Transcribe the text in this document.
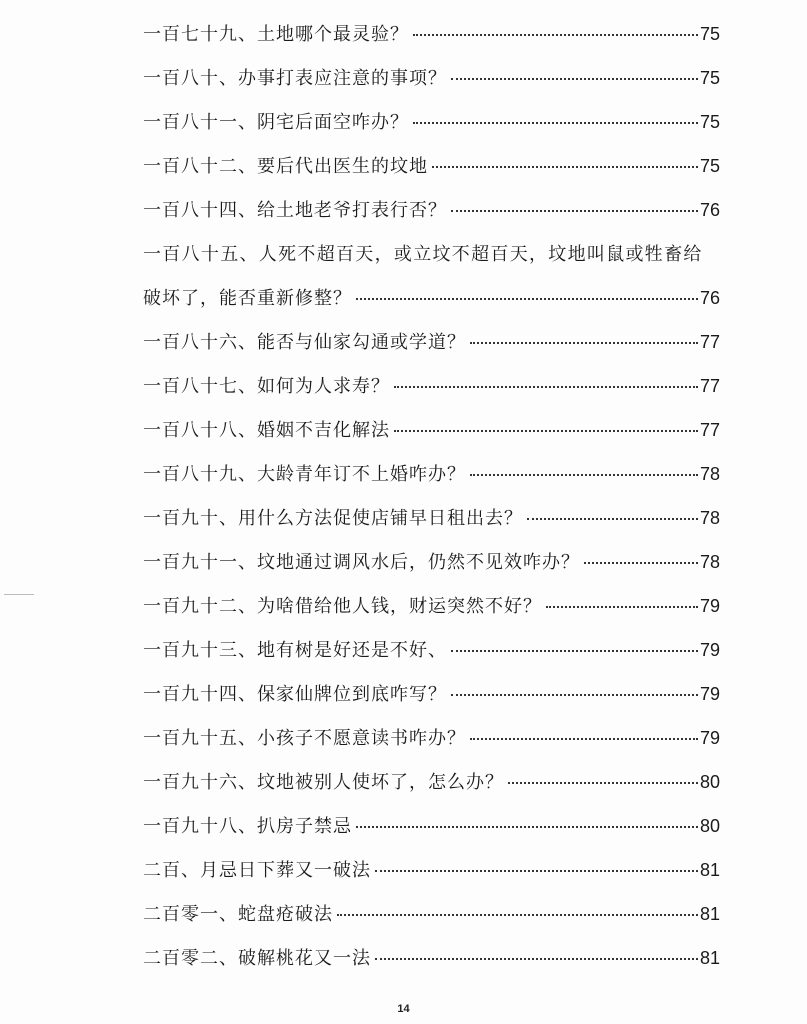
一百七十九、土地哪个最灵验？	75
一百八十、办事打表应注意的事项？	75
一百八十一、阴宅后面空咋办？	75
一百八十二、要后代出医生的坟地	75
一百八十四、给土地老爷打表行否？	76
一百八十五、人死不超百天，或立坟不超百天，坟地叫鼠或牲畜给
破坏了，能否重新修整？	76
一百八十六、能否与仙家勾通或学道？	77
一百八十七、如何为人求寿？	77
一百八十八、婚姻不吉化解法	77
一百八十九、大龄青年订不上婚咋办？	78
一百九十、用什么方法促使店铺早日租出去？	78
一百九十一、坟地通过调风水后，仍然不见效咋办？	78
一百九十二、为啥借给他人钱，财运突然不好？	79
一百九十三、地有树是好还是不好、	79
一百九十四、保家仙牌位到底咋写？	79
一百九十五、小孩子不愿意读书咋办？	79
一百九十六、坟地被别人使坏了，怎么办？	80
一百九十八、扒房子禁忌	80
二百、月忌日下葬又一破法	81
二百零一、蛇盘疮破法	81
二百零二、破解桃花又一法	81
14
